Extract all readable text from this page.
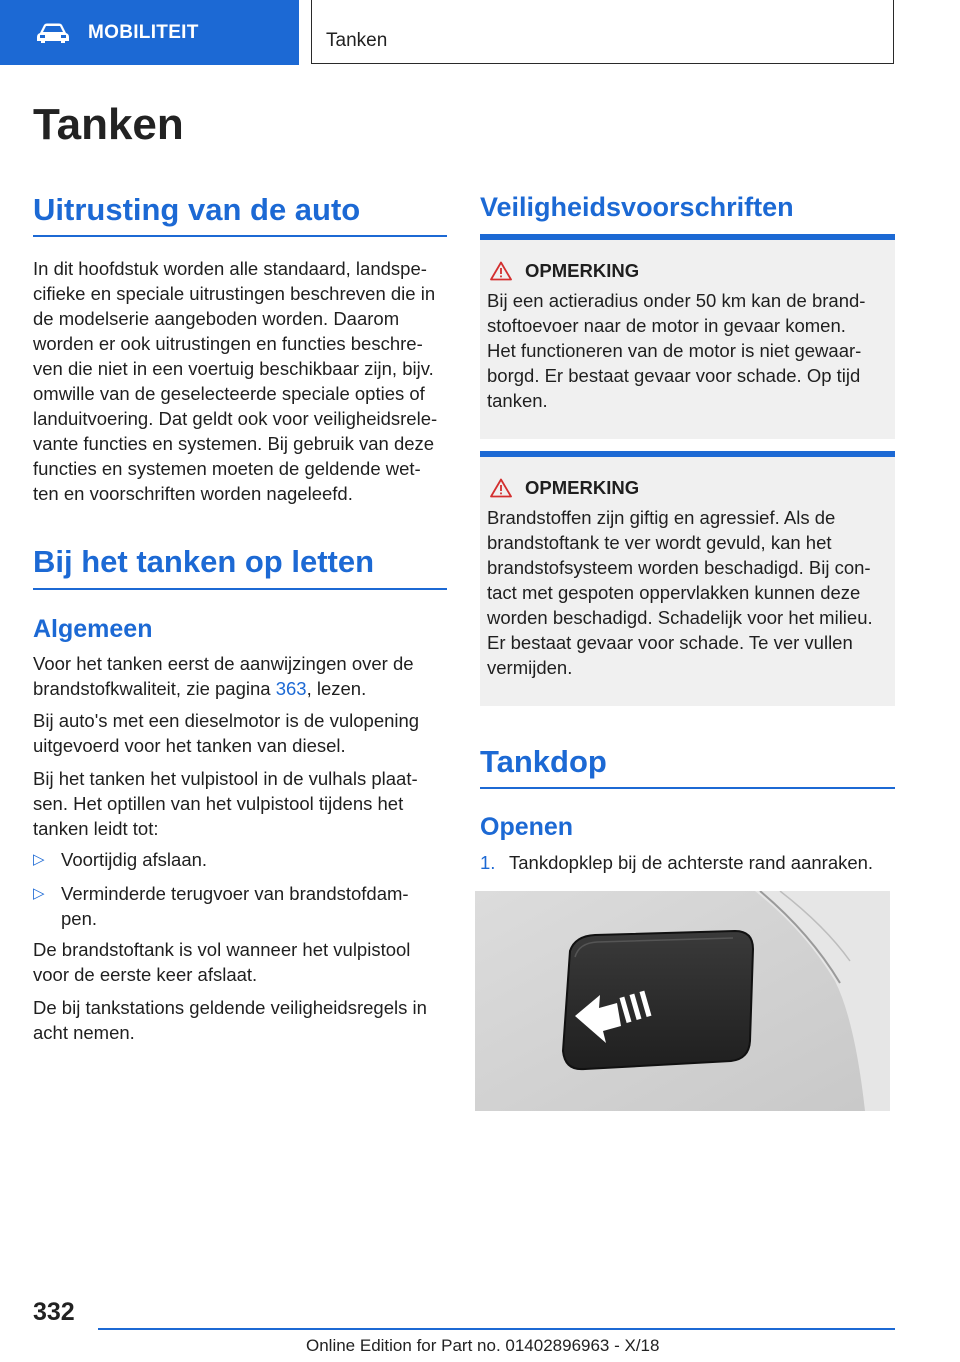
MOBILITEIT	Tanken
Tanken
Uitrusting van de auto
In dit hoofdstuk worden alle standaard, landspe-
cifieke en speciale uitrustingen beschreven die in
de modelserie aangeboden worden. Daarom
worden er ook uitrustingen en functies beschre-
ven die niet in een voertuig beschikbaar zijn, bijv.
omwille van de geselecteerde speciale opties of
landuitvoering. Dat geldt ook voor veiligheidsrele-
vante functies en systemen. Bij gebruik van deze
functies en systemen moeten de geldende wet-
ten en voorschriften worden nageleefd.
Bij het tanken op letten
Algemeen
Voor het tanken eerst de aanwijzingen over de
brandstofkwaliteit, zie pagina 363, lezen.
Bij auto's met een dieselmotor is de vulopening
uitgevoerd voor het tanken van diesel.
Bij het tanken het vulpistool in de vulhals plaat-
sen. Het optillen van het vulpistool tijdens het
tanken leidt tot:
▷ Voortijdig afslaan.
▷ Verminderde terugvoer van brandstofdam-
pen.
De brandstoftank is vol wanneer het vulpistool
voor de eerste keer afslaat.
De bij tankstations geldende veiligheidsregels in
acht nemen.
Veiligheidsvoorschriften
OPMERKING
Bij een actieradius onder 50 km kan de brand-
stoftoevoer naar de motor in gevaar komen.
Het functioneren van de motor is niet gewaar-
borgd. Er bestaat gevaar voor schade. Op tijd
tanken.
OPMERKING
Brandstoffen zijn giftig en agressief. Als de
brandstoftank te ver wordt gevuld, kan het
brandstofsysteem worden beschadigd. Bij con-
tact met gespoten oppervlakken kunnen deze
worden beschadigd. Schadelijk voor het milieu.
Er bestaat gevaar voor schade. Te ver vullen
vermijden.
Tankdop
Openen
1. Tankdopklep bij de achterste rand aanraken.
332
Online Edition for Part no. 01402896963 - X/18
